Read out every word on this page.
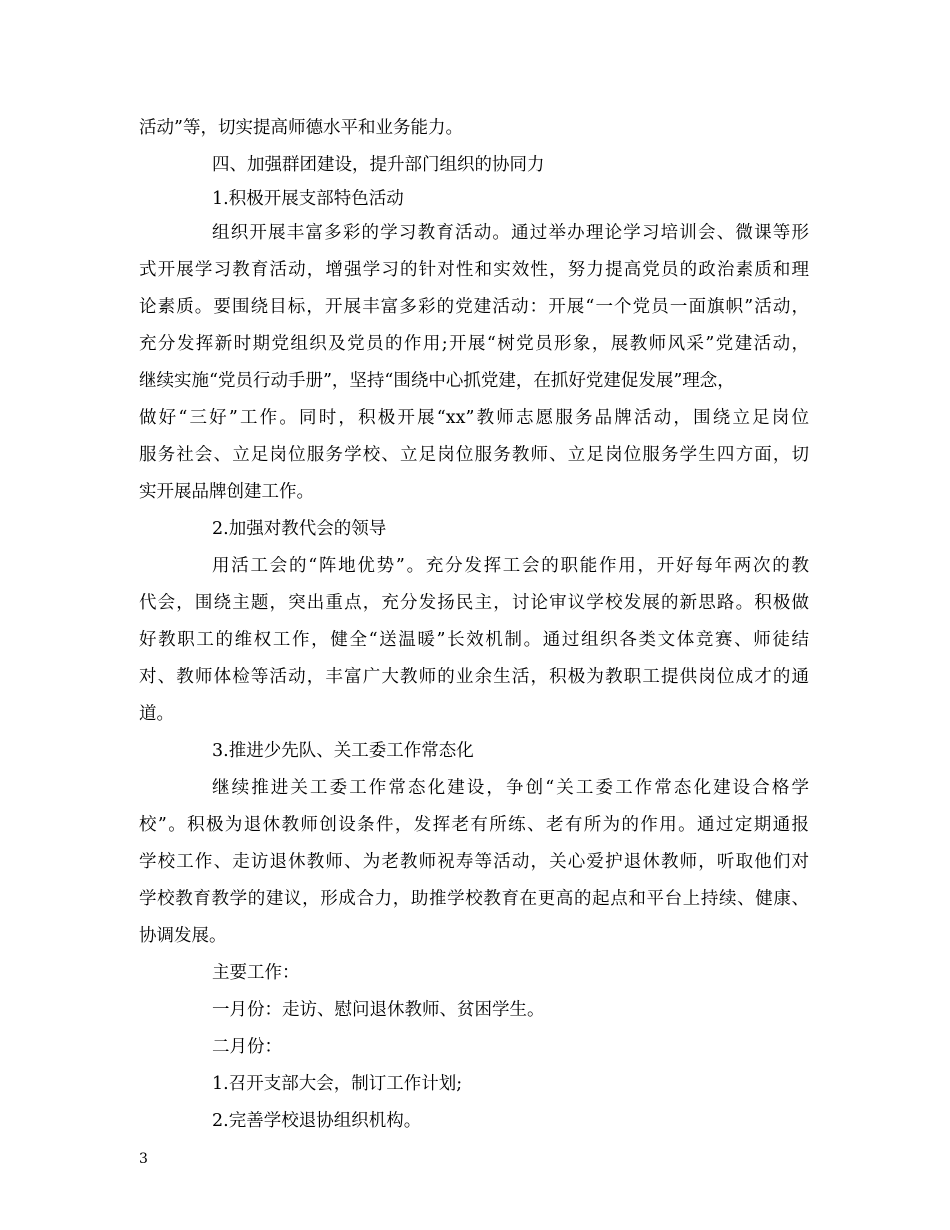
活动”等，切实提高师德水平和业务能力。
四、加强群团建设，提升部门组织的协同力
1.积极开展支部特色活动
组织开展丰富多彩的学习教育活动。通过举办理论学习培训会、微课等形
式开展学习教育活动，增强学习的针对性和实效性，努力提高党员的政治素质和理
论素质。要围绕目标，开展丰富多彩的党建活动：开展“一个党员一面旗帜”活动，
充分发挥新时期党组织及党员的作用;开展“树党员形象，展教师风采”党建活动，
继续实施“党员行动手册”，坚持“围绕中心抓党建，在抓好党建促发展”理念，
做好“三好”工作。同时，积极开展“xx”教师志愿服务品牌活动，围绕立足岗位
服务社会、立足岗位服务学校、立足岗位服务教师、立足岗位服务学生四方面，切
实开展品牌创建工作。
2.加强对教代会的领导
用活工会的“阵地优势”。充分发挥工会的职能作用，开好每年两次的教
代会，围绕主题，突出重点，充分发扬民主，讨论审议学校发展的新思路。积极做
好教职工的维权工作，健全“送温暖”长效机制。通过组织各类文体竞赛、师徒结
对、教师体检等活动，丰富广大教师的业余生活，积极为教职工提供岗位成才的通
道。
3.推进少先队、关工委工作常态化
继续推进关工委工作常态化建设，争创“关工委工作常态化建设合格学
校”。积极为退休教师创设条件，发挥老有所练、老有所为的作用。通过定期通报
学校工作、走访退休教师、为老教师祝寿等活动，关心爱护退休教师，听取他们对
学校教育教学的建议，形成合力，助推学校教育在更高的起点和平台上持续、健康、
协调发展。
主要工作：
一月份：走访、慰问退休教师、贫困学生。
二月份：
1.召开支部大会，制订工作计划;
2.完善学校退协组织机构。
3
